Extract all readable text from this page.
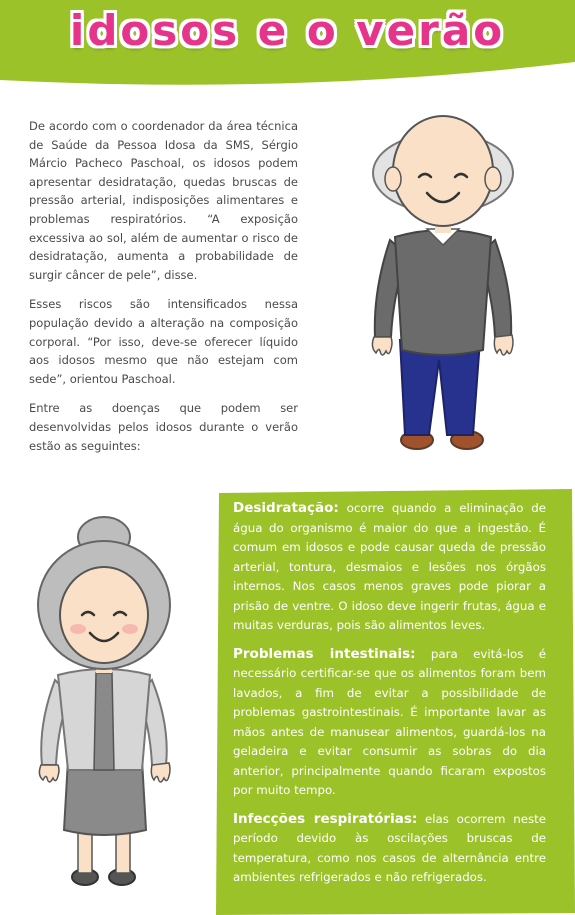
idosos e o verão

De acordo com o coordenador da área técnica de Saúde da Pessoa Idosa da SMS, Sérgio Márcio Pacheco Paschoal, os idosos podem apresentar desidratação, quedas bruscas de pressão arterial, indisposições alimentares e problemas respiratórios. “A exposição excessiva ao sol, além de aumentar o risco de desidratação, aumenta a probabilidade de surgir câncer de pele”, disse.

Esses riscos são intensificados nessa população devido a alteração na composição corporal. “Por isso, deve-se oferecer líquido aos idosos mesmo que não estejam com sede”, orientou Paschoal.

Entre as doenças que podem ser desenvolvidas pelos idosos durante o verão estão as seguintes:

Desidratação: ocorre quando a eliminação de água do organismo é maior do que a ingestão. É comum em idosos e pode causar queda de pressão arterial, tontura, desmaios e lesões nos órgãos internos. Nos casos menos graves pode piorar a prisão de ventre. O idoso deve ingerir frutas, água e muitas verduras, pois são alimentos leves.

Problemas intestinais: para evitá-los é necessário certificar-se que os alimentos foram bem lavados, a fim de evitar a possibilidade de problemas gastrointestinais. É importante lavar as mãos antes de manusear alimentos, guardá-los na geladeira e evitar consumir as sobras do dia anterior, principalmente quando ficaram expostos por muito tempo.

Infecções respiratórias: elas ocorrem neste período devido às oscilações bruscas de temperatura, como nos casos de alternância entre ambientes refrigerados e não refrigerados.
